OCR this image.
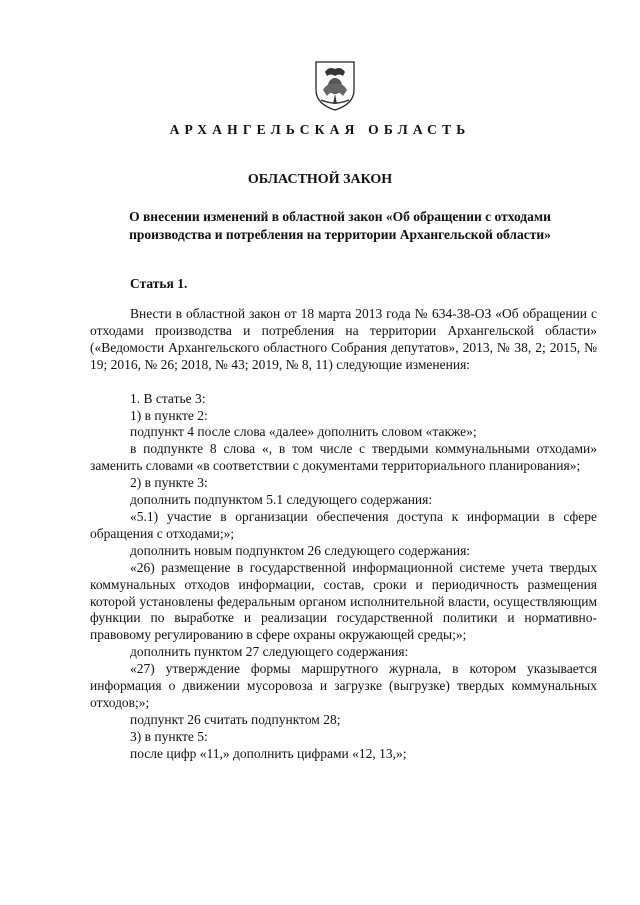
АРХАНГЕЛЬСКАЯ ОБЛАСТЬ
ОБЛАСТНОЙ ЗАКОН
О внесении изменений в областной закон «Об обращении с отходами производства и потребления на территории Архангельской области»
Статья 1.

Внести в областной закон от 18 марта 2013 года № 634-38-ОЗ «Об обращении с отходами производства и потребления на территории Архангельской области» («Ведомости Архангельского областного Собрания депутатов», 2013, № 38, 2; 2015, № 19; 2016, № 26; 2018, № 43; 2019, № 8, 11) следующие изменения:

1. В статье 3:

1) в пункте 2:

подпункт 4 после слова «далее» дополнить словом «также»;

в подпункте 8 слова «, в том числе с твердыми коммунальными отходами» заменить словами «в соответствии с документами территориального планирования»;

2) в пункте 3:

дополнить подпунктом 5.1 следующего содержания:

«5.1) участие в организации обеспечения доступа к информации в сфере обращения с отходами;»;

дополнить новым подпунктом 26 следующего содержания:

«26) размещение в государственной информационной системе учета твердых коммунальных отходов информации, состав, сроки и периодичность размещения которой установлены федеральным органом исполнительной власти, осуществляющим функции по выработке и реализации государственной политики и нормативно-правовому регулированию в сфере охраны окружающей среды;»;

дополнить пунктом 27 следующего содержания:

«27) утверждение формы маршрутного журнала, в котором указывается информация о движении мусоровоза и загрузке (выгрузке) твердых коммунальных отходов;»;

подпункт 26 считать подпунктом 28;

3) в пункте 5:

после цифр «11,» дополнить цифрами «12, 13,»;
